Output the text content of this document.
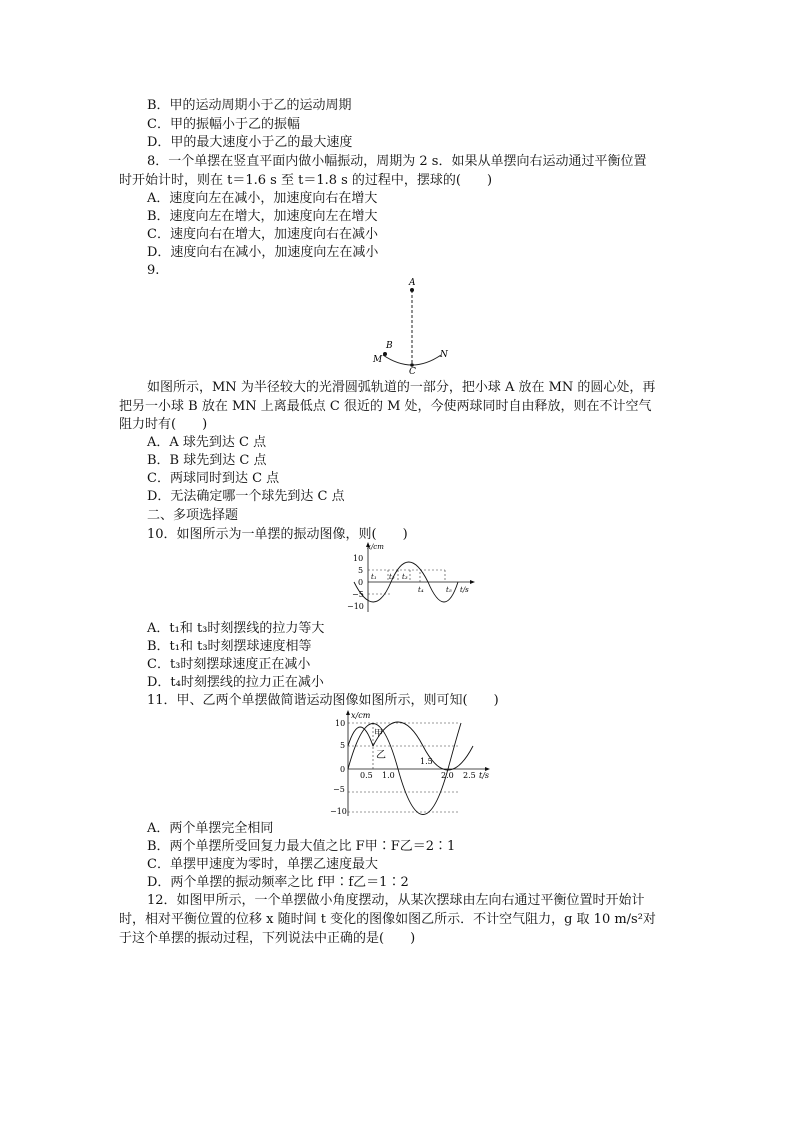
B．甲的运动周期小于乙的运动周期
C．甲的振幅小于乙的振幅
D．甲的最大速度小于乙的最大速度
8．一个单摆在竖直平面内做小幅振动，周期为 2 s．如果从单摆向右运动通过平衡位置
时开始计时，则在 t＝1.6 s 至 t＝1.8 s 的过程中，摆球的(　　)
A．速度向左在减小，加速度向右在增大
B．速度向左在增大，加速度向左在增大
C．速度向右在增大，加速度向右在减小
D．速度向右在减小，加速度向左在减小
9.
A
B
M	N
C
如图所示，MN 为半径较大的光滑圆弧轨道的一部分，把小球 A 放在 MN 的圆心处，再
把另一小球 B 放在 MN 上离最低点 C 很近的 M 处，今使两球同时自由释放，则在不计空气
阻力时有(　　)
A．A 球先到达 C 点
B．B 球先到达 C 点
C．两球同时到达 C 点
D．无法确定哪一个球先到达 C 点
二、多项选择题
10．如图所示为一单摆的振动图像，则(　　)
x/cm
t/s
10
5
0
−5
−10
t₁ t₂ t₃
t₄	t₅
A．t₁和 t₃时刻摆线的拉力等大
B．t₁和 t₃时刻摆球速度相等
C．t₃时刻摆球速度正在减小
D．t₄时刻摆线的拉力正在减小
11．甲、乙两个单摆做简谐运动图像如图所示，则可知(　　)
x/cm
t/s
10
5
0
−5
−10
甲
乙
0.5 1.0
1.5
2.0 2.5
A．两个单摆完全相同
B．两个单摆所受回复力最大值之比 F甲∶F乙＝2∶1
C．单摆甲速度为零时，单摆乙速度最大
D．两个单摆的振动频率之比 f甲∶f乙＝1∶2
12．如图甲所示，一个单摆做小角度摆动，从某次摆球由左向右通过平衡位置时开始计
时，相对平衡位置的位移 x 随时间 t 变化的图像如图乙所示．不计空气阻力，g 取 10 m/s²对
于这个单摆的振动过程，下列说法中正确的是(　　)
